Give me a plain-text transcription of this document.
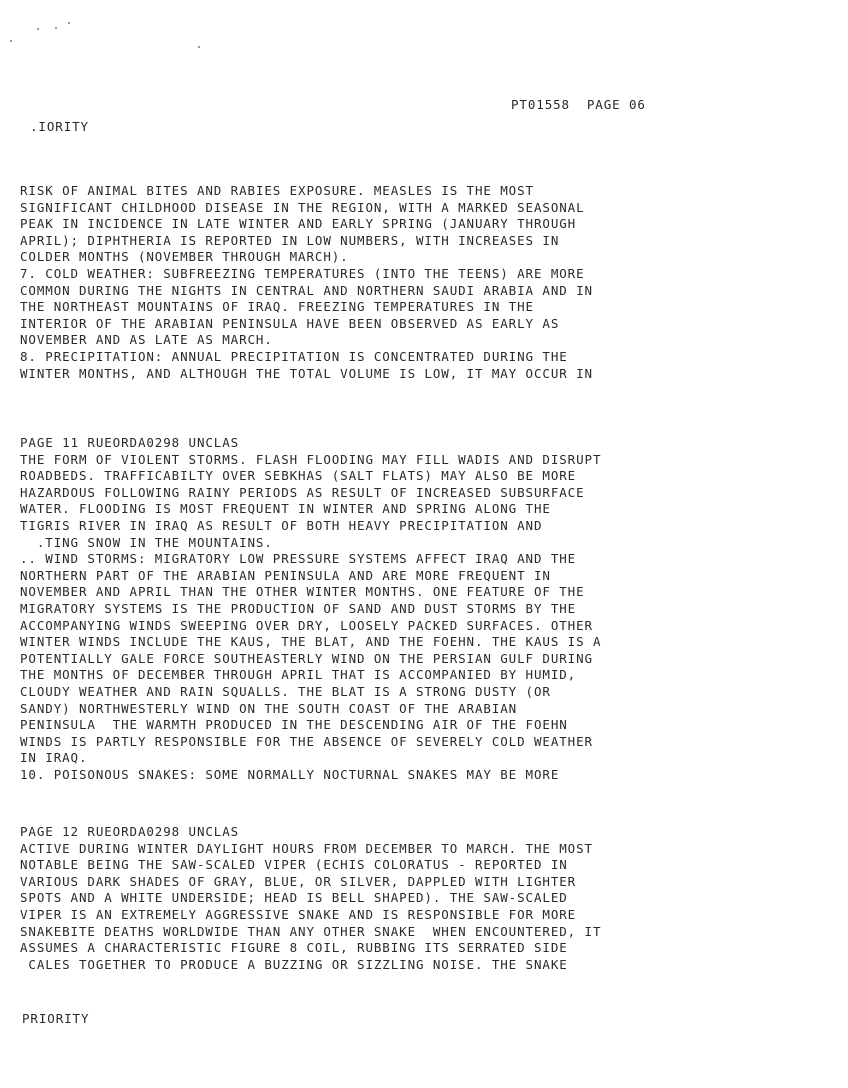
PT01558 PAGE 06
.IORITY
RISK OF ANIMAL BITES AND RABIES EXPOSURE. MEASLES IS THE MOST
SIGNIFICANT CHILDHOOD DISEASE IN THE REGION, WITH A MARKED SEASONAL
PEAK IN INCIDENCE IN LATE WINTER AND EARLY SPRING (JANUARY THROUGH
APRIL); DIPHTHERIA IS REPORTED IN LOW NUMBERS, WITH INCREASES IN
COLDER MONTHS (NOVEMBER THROUGH MARCH).
7. COLD WEATHER: SUBFREEZING TEMPERATURES (INTO THE TEENS) ARE MORE
COMMON DURING THE NIGHTS IN CENTRAL AND NORTHERN SAUDI ARABIA AND IN
THE NORTHEAST MOUNTAINS OF IRAQ. FREEZING TEMPERATURES IN THE
INTERIOR OF THE ARABIAN PENINSULA HAVE BEEN OBSERVED AS EARLY AS
NOVEMBER AND AS LATE AS MARCH.
8. PRECIPITATION: ANNUAL PRECIPITATION IS CONCENTRATED DURING THE
WINTER MONTHS, AND ALTHOUGH THE TOTAL VOLUME IS LOW, IT MAY OCCUR IN
PAGE 11 RUEORDA0298 UNCLAS
THE FORM OF VIOLENT STORMS. FLASH FLOODING MAY FILL WADIS AND DISRUPT
ROADBEDS. TRAFFICABILTY OVER SEBKHAS (SALT FLATS) MAY ALSO BE MORE
HAZARDOUS FOLLOWING RAINY PERIODS AS RESULT OF INCREASED SUBSURFACE
WATER. FLOODING IS MOST FREQUENT IN WINTER AND SPRING ALONG THE
TIGRIS RIVER IN IRAQ AS RESULT OF BOTH HEAVY PRECIPITATION AND
.TING SNOW IN THE MOUNTAINS.
.. WIND STORMS: MIGRATORY LOW PRESSURE SYSTEMS AFFECT IRAQ AND THE
NORTHERN PART OF THE ARABIAN PENINSULA AND ARE MORE FREQUENT IN
NOVEMBER AND APRIL THAN THE OTHER WINTER MONTHS. ONE FEATURE OF THE
MIGRATORY SYSTEMS IS THE PRODUCTION OF SAND AND DUST STORMS BY THE
ACCOMPANYING WINDS SWEEPING OVER DRY, LOOSELY PACKED SURFACES. OTHER
WINTER WINDS INCLUDE THE KAUS, THE BLAT, AND THE FOEHN. THE KAUS IS A
POTENTIALLY GALE FORCE SOUTHEASTERLY WIND ON THE PERSIAN GULF DURING
THE MONTHS OF DECEMBER THROUGH APRIL THAT IS ACCOMPANIED BY HUMID,
CLOUDY WEATHER AND RAIN SQUALLS. THE BLAT IS A STRONG DUSTY (OR
SANDY) NORTHWESTERLY WIND ON THE SOUTH COAST OF THE ARABIAN
PENINSULA  THE WARMTH PRODUCED IN THE DESCENDING AIR OF THE FOEHN
WINDS IS PARTLY RESPONSIBLE FOR THE ABSENCE OF SEVERELY COLD WEATHER
IN IRAQ.
10. POISONOUS SNAKES: SOME NORMALLY NOCTURNAL SNAKES MAY BE MORE
PAGE 12 RUEORDA0298 UNCLAS
ACTIVE DURING WINTER DAYLIGHT HOURS FROM DECEMBER TO MARCH. THE MOST
NOTABLE BEING THE SAW-SCALED VIPER (ECHIS COLORATUS - REPORTED IN
VARIOUS DARK SHADES OF GRAY, BLUE, OR SILVER, DAPPLED WITH LIGHTER
SPOTS AND A WHITE UNDERSIDE; HEAD IS BELL SHAPED). THE SAW-SCALED
VIPER IS AN EXTREMELY AGGRESSIVE SNAKE AND IS RESPONSIBLE FOR MORE
SNAKEBITE DEATHS WORLDWIDE THAN ANY OTHER SNAKE  WHEN ENCOUNTERED, IT
ASSUMES A CHARACTERISTIC FIGURE 8 COIL, RUBBING ITS SERRATED SIDE
CALES TOGETHER TO PRODUCE A BUZZING OR SIZZLING NOISE. THE SNAKE
PRIORITY
